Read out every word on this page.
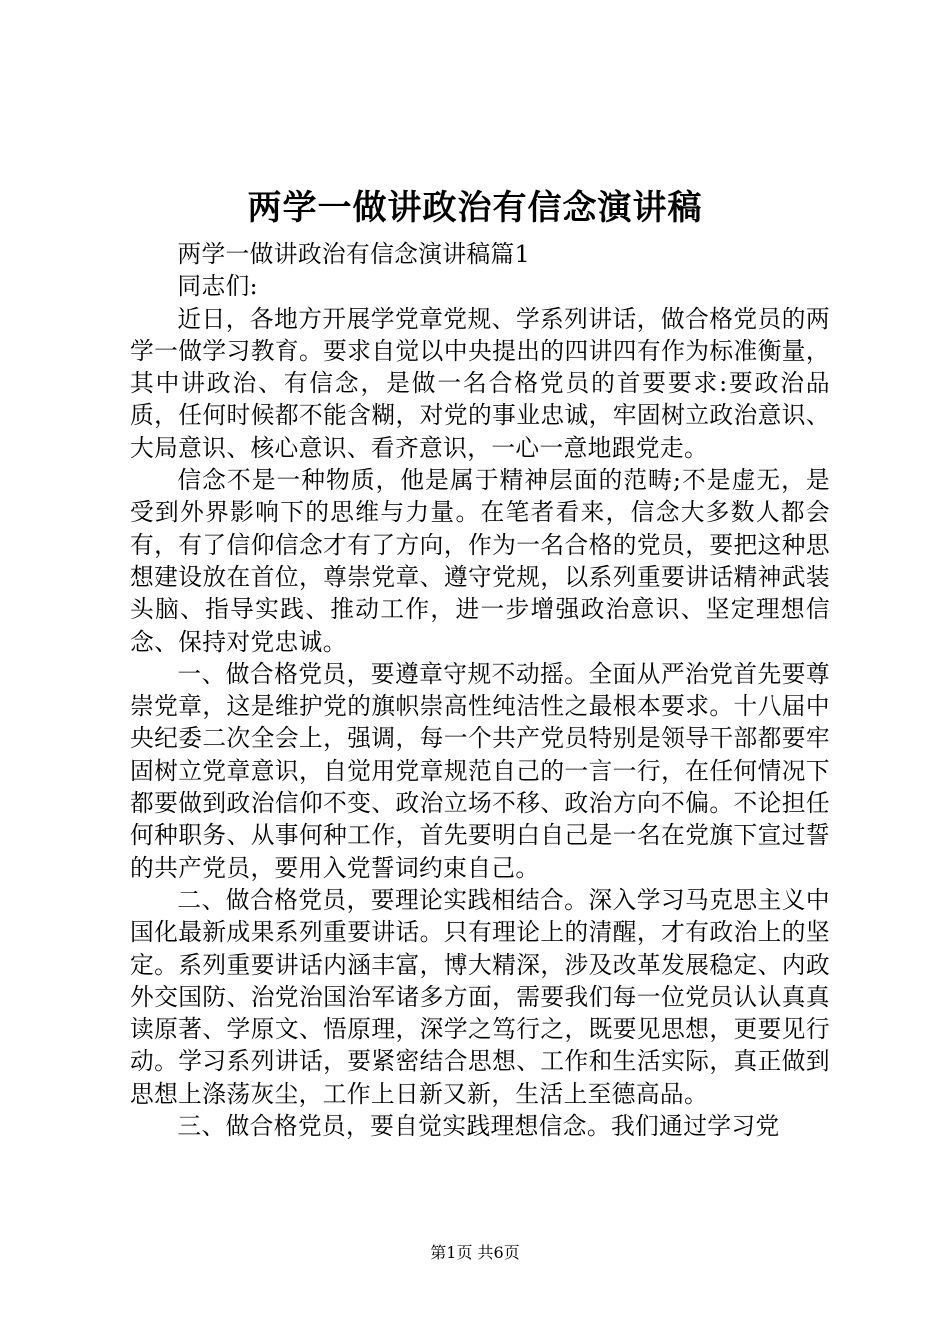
两学一做讲政治有信念演讲稿

两学一做讲政治有信念演讲稿篇1

同志们:

近日，各地方开展学党章党规、学系列讲话，做合格党员的两学一做学习教育。要求自觉以中央提出的四讲四有作为标准衡量，其中讲政治、有信念，是做一名合格党员的首要要求:要政治品质，任何时候都不能含糊，对党的事业忠诚，牢固树立政治意识、大局意识、核心意识、看齐意识，一心一意地跟党走。

信念不是一种物质，他是属于精神层面的范畴;不是虚无，是受到外界影响下的思维与力量。在笔者看来，信念大多数人都会有，有了信仰信念才有了方向，作为一名合格的党员，要把这种思想建设放在首位，尊崇党章、遵守党规，以系列重要讲话精神武装头脑、指导实践、推动工作，进一步增强政治意识、坚定理想信念、保持对党忠诚。

一、做合格党员，要遵章守规不动摇。全面从严治党首先要尊崇党章，这是维护党的旗帜崇高性纯洁性之最根本要求。十八届中央纪委二次全会上，强调，每一个共产党员特别是领导干部都要牢固树立党章意识，自觉用党章规范自己的一言一行，在任何情况下都要做到政治信仰不变、政治立场不移、政治方向不偏。不论担任何种职务、从事何种工作，首先要明白自己是一名在党旗下宣过誓的共产党员，要用入党誓词约束自己。

二、做合格党员，要理论实践相结合。深入学习马克思主义中国化最新成果系列重要讲话。只有理论上的清醒，才有政治上的坚定。系列重要讲话内涵丰富，博大精深，涉及改革发展稳定、内政外交国防、治党治国治军诸多方面，需要我们每一位党员认认真真读原著、学原文、悟原理，深学之笃行之，既要见思想，更要见行动。学习系列讲话，要紧密结合思想、工作和生活实际，真正做到思想上涤荡灰尘，工作上日新又新，生活上至德高品。

三、做合格党员，要自觉实践理想信念。我们通过学习党

第1页 共6页
